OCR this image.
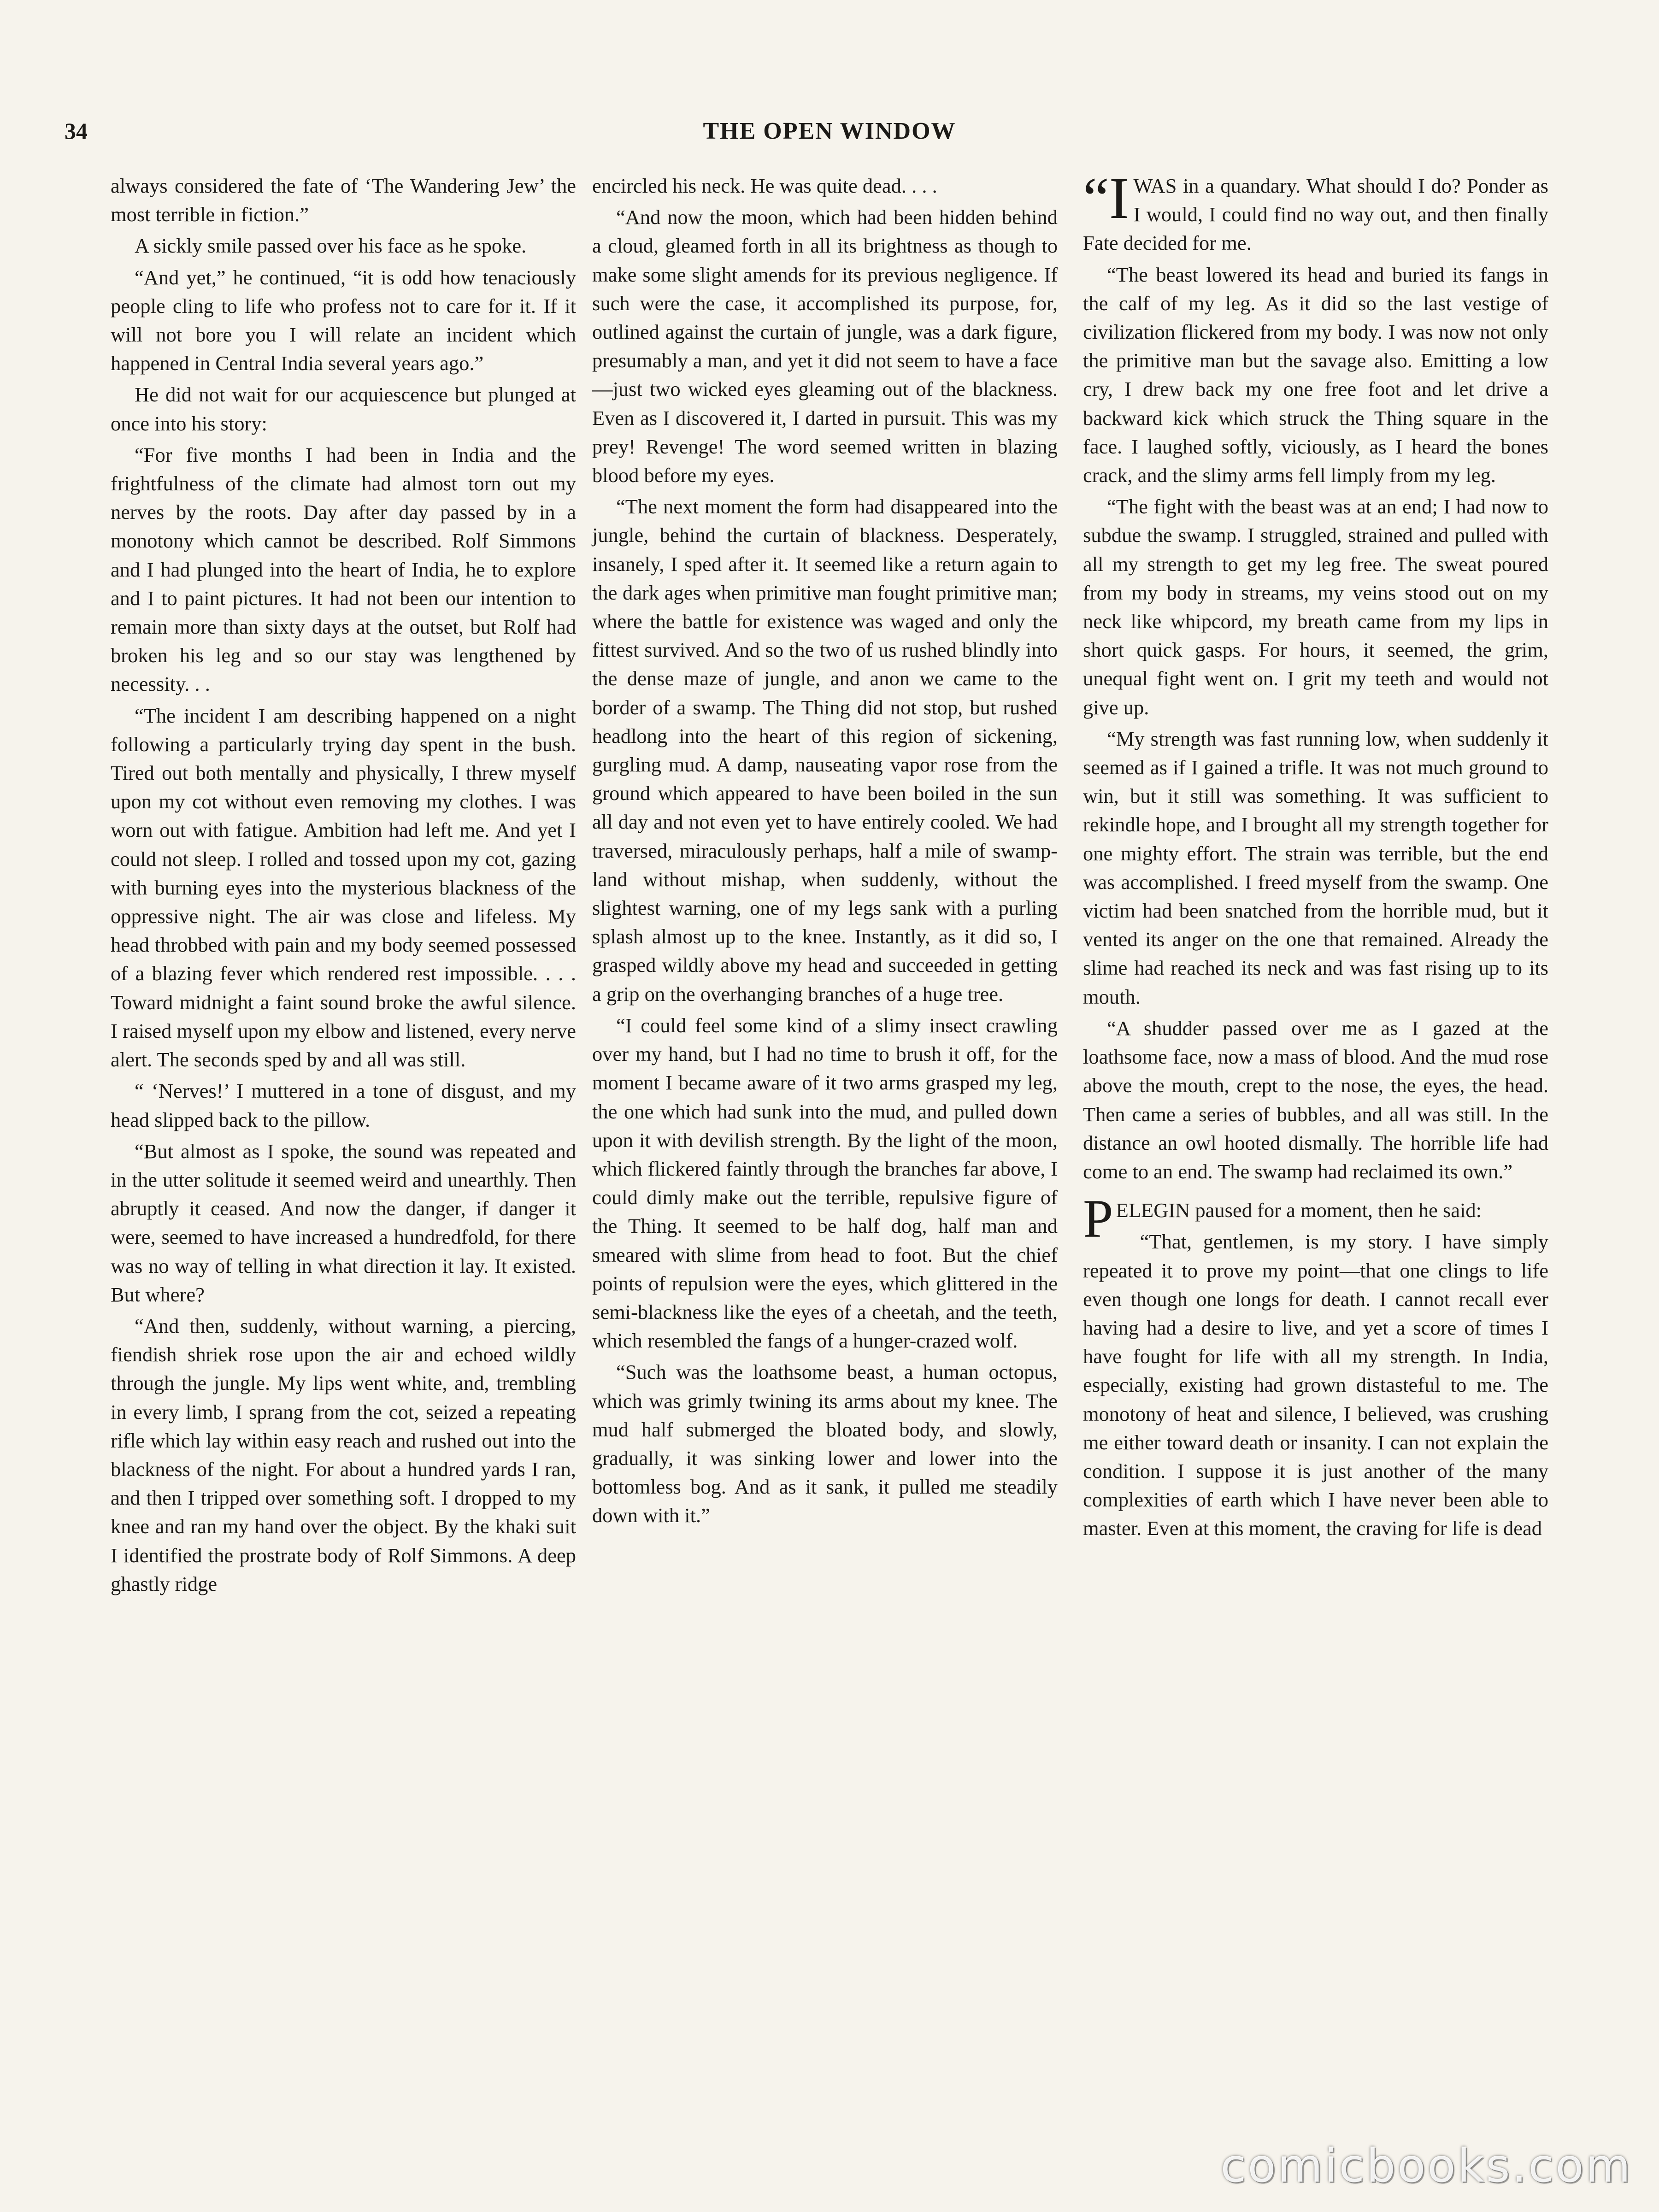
34	THE OPEN WINDOW

always considered the fate of ‘The Wandering Jew’ the most terrible in fiction.”

A sickly smile passed over his face as he spoke.

“And yet,” he continued, “it is odd how tenaciously people cling to life who profess not to care for it. If it will not bore you I will relate an incident which happened in Central India several years ago.”

He did not wait for our acquiescence but plunged at once into his story:

“For five months I had been in India and the frightfulness of the climate had almost torn out my nerves by the roots. Day after day passed by in a monotony which cannot be described. Rolf Simmons and I had plunged into the heart of India, he to explore and I to paint pictures. It had not been our intention to remain more than sixty days at the outset, but Rolf had broken his leg and so our stay was lengthened by necessity. . .

“The incident I am describing happened on a night following a particularly trying day spent in the bush. Tired out both mentally and physically, I threw myself upon my cot without even removing my clothes. I was worn out with fatigue. Ambition had left me. And yet I could not sleep. I rolled and tossed upon my cot, gazing with burning eyes into the mysterious blackness of the oppressive night. The air was close and lifeless. My head throbbed with pain and my body seemed possessed of a blazing fever which rendered rest impossible. . . . Toward midnight a faint sound broke the awful silence. I raised myself upon my elbow and listened, every nerve alert. The seconds sped by and all was still.

“ ‘Nerves!’ I muttered in a tone of disgust, and my head slipped back to the pillow.

“But almost as I spoke, the sound was repeated and in the utter solitude it seemed weird and unearthly. Then abruptly it ceased. And now the danger, if danger it were, seemed to have increased a hundredfold, for there was no way of telling in what direction it lay. It existed. But where?

“And then, suddenly, without warning, a piercing, fiendish shriek rose upon the air and echoed wildly through the jungle. My lips went white, and, trembling in every limb, I sprang from the cot, seized a repeating rifle which lay within easy reach and rushed out into the blackness of the night. For about a hundred yards I ran, and then I tripped over something soft. I dropped to my knee and ran my hand over the object. By the khaki suit I identified the prostrate body of Rolf Simmons. A deep ghastly ridge

encircled his neck. He was quite dead. . . .

“And now the moon, which had been hidden behind a cloud, gleamed forth in all its brightness as though to make some slight amends for its previous negligence. If such were the case, it accomplished its purpose, for, outlined against the curtain of jungle, was a dark figure, presumably a man, and yet it did not seem to have a face—just two wicked eyes gleaming out of the blackness. Even as I discovered it, I darted in pursuit. This was my prey! Revenge! The word seemed written in blazing blood before my eyes.

“The next moment the form had disappeared into the jungle, behind the curtain of blackness. Desperately, insanely, I sped after it. It seemed like a return again to the dark ages when primitive man fought primitive man; where the battle for existence was waged and only the fittest survived. And so the two of us rushed blindly into the dense maze of jungle, and anon we came to the border of a swamp. The Thing did not stop, but rushed headlong into the heart of this region of sickening, gurgling mud. A damp, nauseating vapor rose from the ground which appeared to have been boiled in the sun all day and not even yet to have entirely cooled. We had traversed, miraculously perhaps, half a mile of swamp-land without mishap, when suddenly, without the slightest warning, one of my legs sank with a purling splash almost up to the knee. Instantly, as it did so, I grasped wildly above my head and succeeded in getting a grip on the overhanging branches of a huge tree.

“I could feel some kind of a slimy insect crawling over my hand, but I had no time to brush it off, for the moment I became aware of it two arms grasped my leg, the one which had sunk into the mud, and pulled down upon it with devilish strength. By the light of the moon, which flickered faintly through the branches far above, I could dimly make out the terrible, repulsive figure of the Thing. It seemed to be half dog, half man and smeared with slime from head to foot. But the chief points of repulsion were the eyes, which glittered in the semi-blackness like the eyes of a cheetah, and the teeth, which resembled the fangs of a hunger-crazed wolf.

“Such was the loathsome beast, a human octopus, which was grimly twining its arms about my knee. The mud half submerged the bloated body, and slowly, gradually, it was sinking lower and lower into the bottomless bog. And as it sank, it pulled me steadily down with it.”

“IWAS in a quandary. What should I do? Ponder as I would, I could find no way out, and then finally Fate decided for me.

“The beast lowered its head and buried its fangs in the calf of my leg. As it did so the last vestige of civilization flickered from my body. I was now not only the primitive man but the savage also. Emitting a low cry, I drew back my one free foot and let drive a backward kick which struck the Thing square in the face. I laughed softly, viciously, as I heard the bones crack, and the slimy arms fell limply from my leg.

“The fight with the beast was at an end; I had now to subdue the swamp. I struggled, strained and pulled with all my strength to get my leg free. The sweat poured from my body in streams, my veins stood out on my neck like whipcord, my breath came from my lips in short quick gasps. For hours, it seemed, the grim, unequal fight went on. I grit my teeth and would not give up.

“My strength was fast running low, when suddenly it seemed as if I gained a trifle. It was not much ground to win, but it still was something. It was sufficient to rekindle hope, and I brought all my strength together for one mighty effort. The strain was terrible, but the end was accomplished. I freed myself from the swamp. One victim had been snatched from the horrible mud, but it vented its anger on the one that remained. Already the slime had reached its neck and was fast rising up to its mouth.

“A shudder passed over me as I gazed at the loathsome face, now a mass of blood. And the mud rose above the mouth, crept to the nose, the eyes, the head. Then came a series of bubbles, and all was still. In the distance an owl hooted dismally. The horrible life had come to an end. The swamp had reclaimed its own.”

PELEGIN paused for a moment, then he said:

“That, gentlemen, is my story. I have simply repeated it to prove my point—that one clings to life even though one longs for death. I cannot recall ever having had a desire to live, and yet a score of times I have fought for life with all my strength. In India, especially, existing had grown distasteful to me. The monotony of heat and silence, I believed, was crushing me either toward death or insanity. I can not explain the condition. I suppose it is just another of the many complexities of earth which I have never been able to master. Even at this moment, the craving for life is dead

comicbooks.com
